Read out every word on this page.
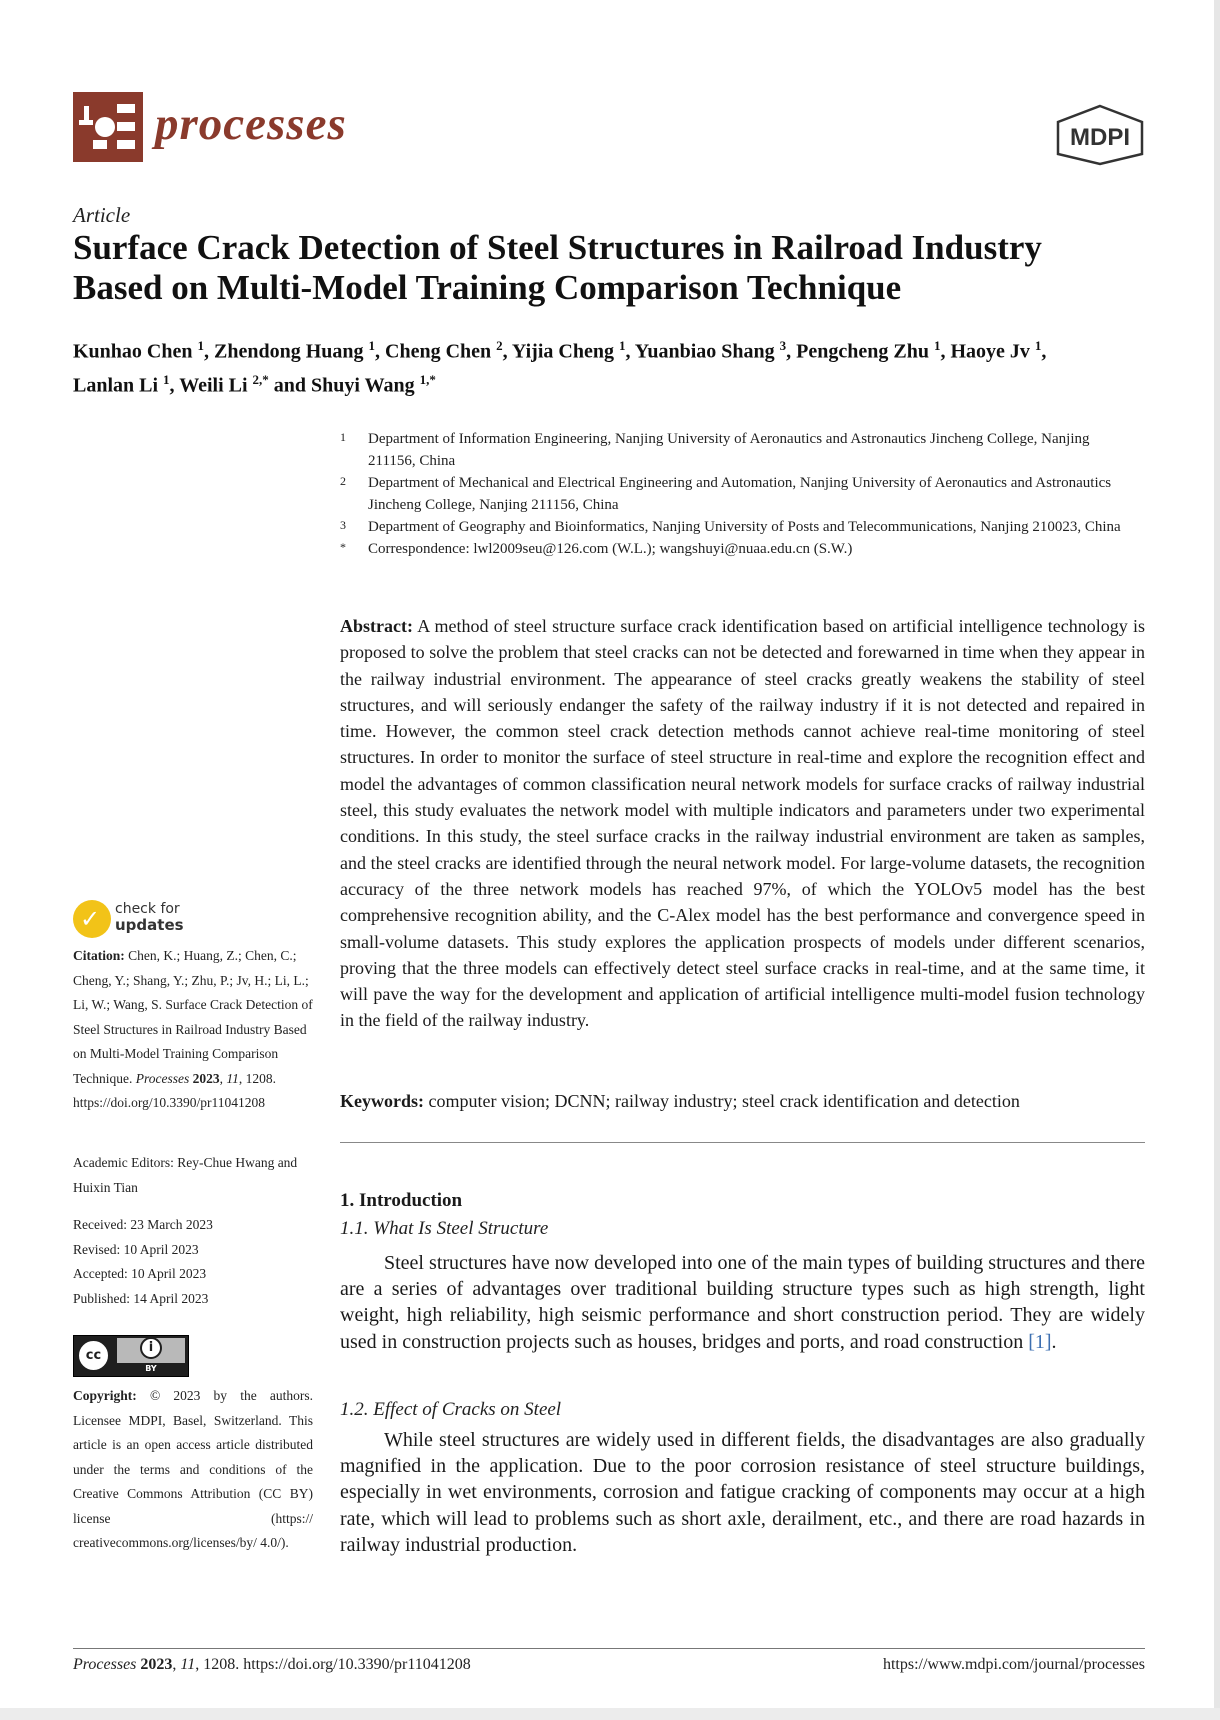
processes	MDPI
Article
Surface Crack Detection of Steel Structures in Railroad Industry
Based on Multi-Model Training Comparison Technique
Kunhao Chen $^1$, Zhendong Huang $^1$, Cheng Chen $^2$, Yijia Cheng $^1$, Yuanbiao Shang $^3$, Pengcheng Zhu $^1$, Haoye Jv $^1$,
Lanlan Li $^1$, Weili Li $^{2,*}$ and Shuyi Wang $^{1,*}$
1 Department of Information Engineering, Nanjing University of Aeronautics and Astronautics Jincheng College, Nanjing 211156, China
2 Department of Mechanical and Electrical Engineering and Automation, Nanjing University of Aeronautics and Astronautics Jincheng College, Nanjing 211156, China
3 Department of Geography and Bioinformatics, Nanjing University of Posts and Telecommunications, Nanjing 210023, China
* Correspondence: lwl2009seu@126.com (W.L.); wangshuyi@nuaa.edu.cn (S.W.)
Abstract: A method of steel structure surface crack identification based on artificial intelligence technology is proposed to solve the problem that steel cracks can not be detected and forewarned in time when they appear in the railway industrial environment. The appearance of steel cracks greatly weakens the stability of steel structures, and will seriously endanger the safety of the railway industry if it is not detected and repaired in time. However, the common steel crack detection methods cannot achieve real-time monitoring of steel structures. In order to monitor the surface of steel structure in real-time and explore the recognition effect and model the advantages of common classification neural network models for surface cracks of railway industrial steel, this study evaluates the network model with multiple indicators and parameters under two experimental conditions. In this study, the steel surface cracks in the railway industrial environment are taken as samples, and the steel cracks are identified through the neural network model. For large-volume datasets, the recognition accuracy of the three network models has reached 97%, of which the YOLOv5 model has the best comprehensive recognition ability, and the C-Alex model has the best performance and convergence speed in small-volume datasets. This study explores the application prospects of models under different scenarios, proving that the three models can effectively detect steel surface cracks in real-time, and at the same time, it will pave the way for the development and application of artificial intelligence multi-model fusion technology in the field of the railway industry.
Keywords: computer vision; DCNN; railway industry; steel crack identification and detection
1. Introduction
1.1. What Is Steel Structure
Steel structures have now developed into one of the main types of building structures and there are a series of advantages over traditional building structure types such as high strength, light weight, high reliability, high seismic performance and short construction period. They are widely used in construction projects such as houses, bridges and ports, and road construction [1].
1.2. Effect of Cracks on Steel
While steel structures are widely used in different fields, the disadvantages are also gradually magnified in the application. Due to the poor corrosion resistance of steel structure buildings, especially in wet environments, corrosion and fatigue cracking of components may occur at a high rate, which will lead to problems such as short axle, derailment, etc., and there are road hazards in railway industrial production.
✓ check for
updates
Citation: Chen, K.; Huang, Z.; Chen, C.; Cheng, Y.; Shang, Y.; Zhu, P.; Jv, H.; Li, L.; Li, W.; Wang, S. Surface Crack Detection of Steel Structures in Railroad Industry Based on Multi-Model Training Comparison Technique. Processes 2023, 11, 1208. https://doi.org/10.3390/pr11041208
Academic Editors: Rey-Chue Hwang and Huixin Tian
Received: 23 March 2023
Revised: 10 April 2023
Accepted: 10 April 2023
Published: 14 April 2023
cc
i
BY
Copyright: © 2023 by the authors. Licensee MDPI, Basel, Switzerland. This article is an open access article distributed under the terms and conditions of the Creative Commons Attribution (CC BY) license (https:// creativecommons.org/licenses/by/ 4.0/).
Processes 2023, 11, 1208. https://doi.org/10.3390/pr11041208	https://www.mdpi.com/journal/processes
